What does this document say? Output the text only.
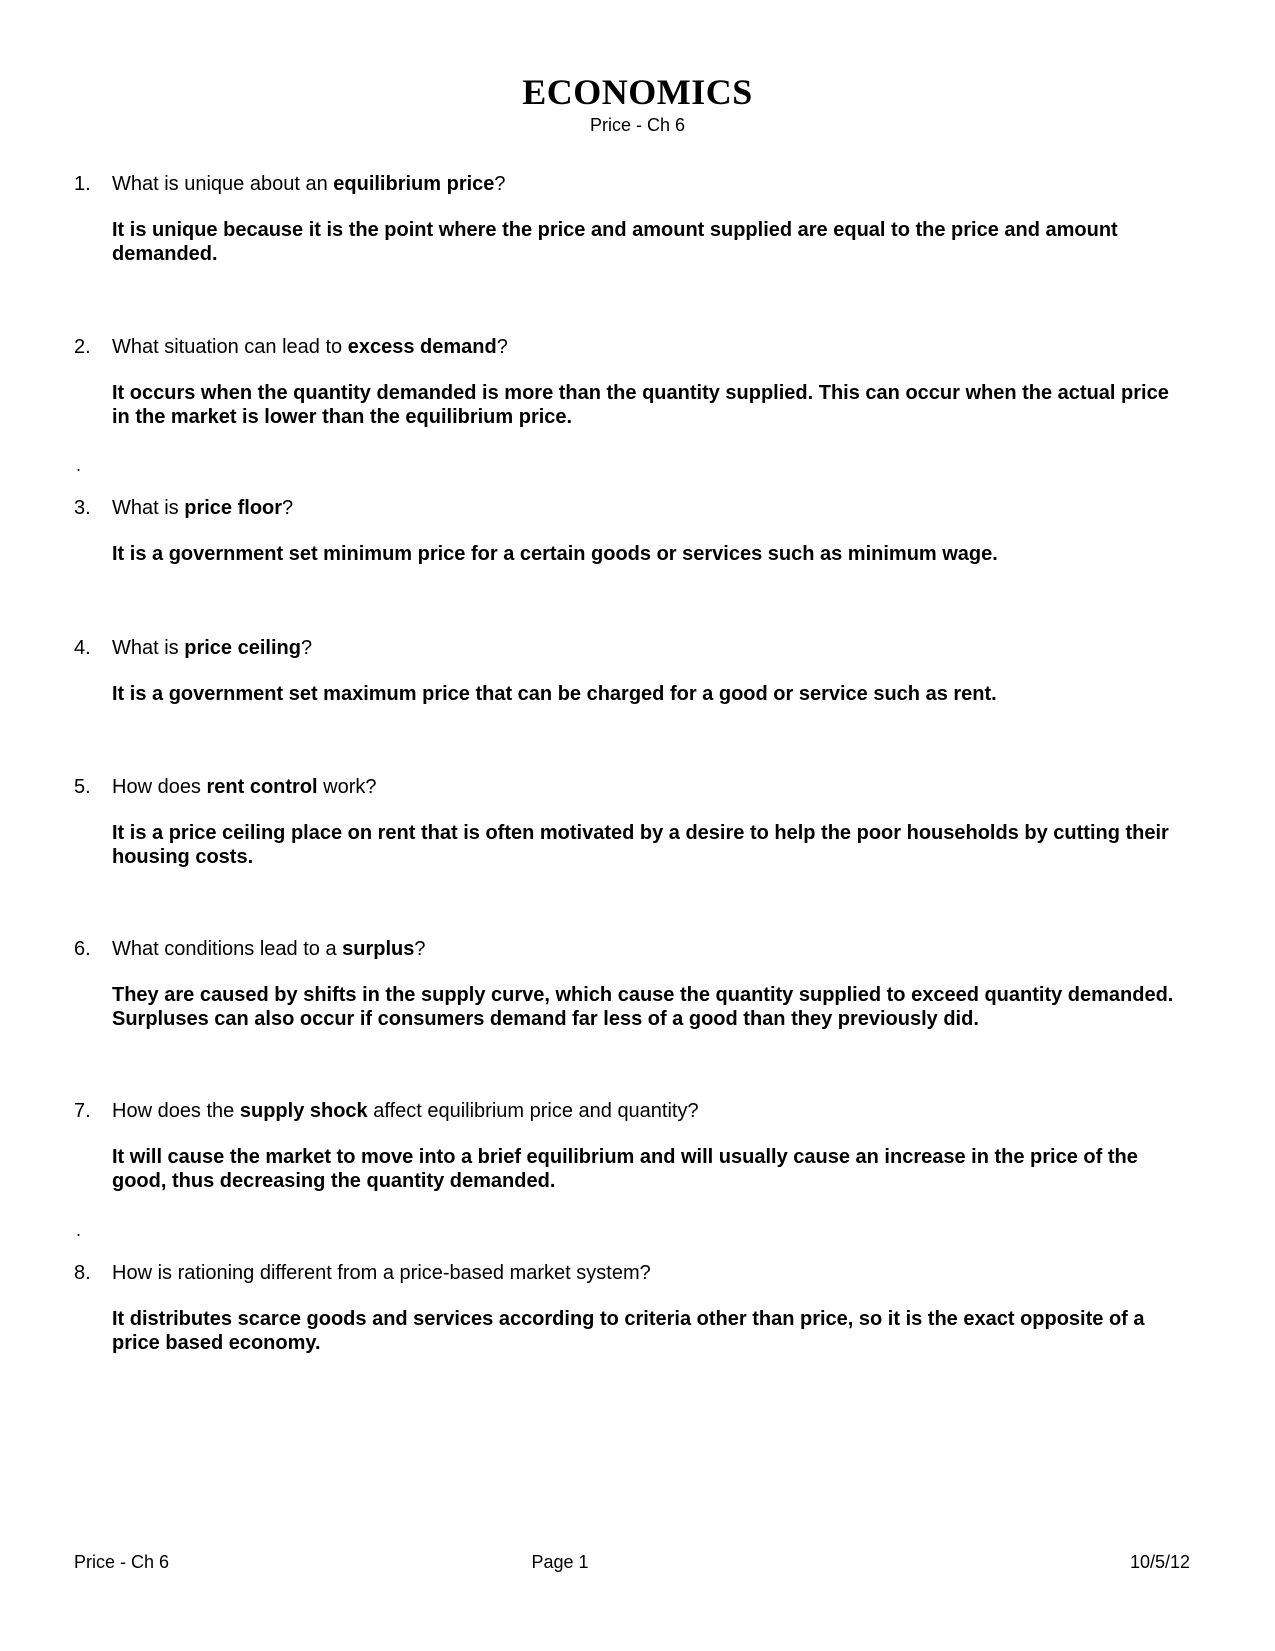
ECONOMICS
Price - Ch 6
1. What is unique about an equilibrium price?
It is unique because it is the point where the price and amount supplied are equal to the price and amount demanded.
2. What situation can lead to excess demand?
It occurs when the quantity demanded is more than the quantity supplied. This can occur when the actual price in the market is lower than the equilibrium price.
.
3. What is price floor?
It is a government set minimum price for a certain goods or services such as minimum wage.
4. What is price ceiling?
It is a government set maximum price that can be charged for a good or service such as rent.
5. How does rent control work?
It is a price ceiling place on rent that is often motivated by a desire to help the poor households by cutting their housing costs.
6. What conditions lead to a surplus?
They are caused by shifts in the supply curve, which cause the quantity supplied to exceed quantity demanded. Surpluses can also occur if consumers demand far less of a good than they previously did.
7. How does the supply shock affect equilibrium price and quantity?
It will cause the market to move into a brief equilibrium and will usually cause an increase in the price of the good, thus decreasing the quantity demanded.
.
8. How is rationing different from a price-based market system?
It distributes scarce goods and services according to criteria other than price, so it is the exact opposite of a price based economy.
Price - Ch 6	Page 1	10/5/12
